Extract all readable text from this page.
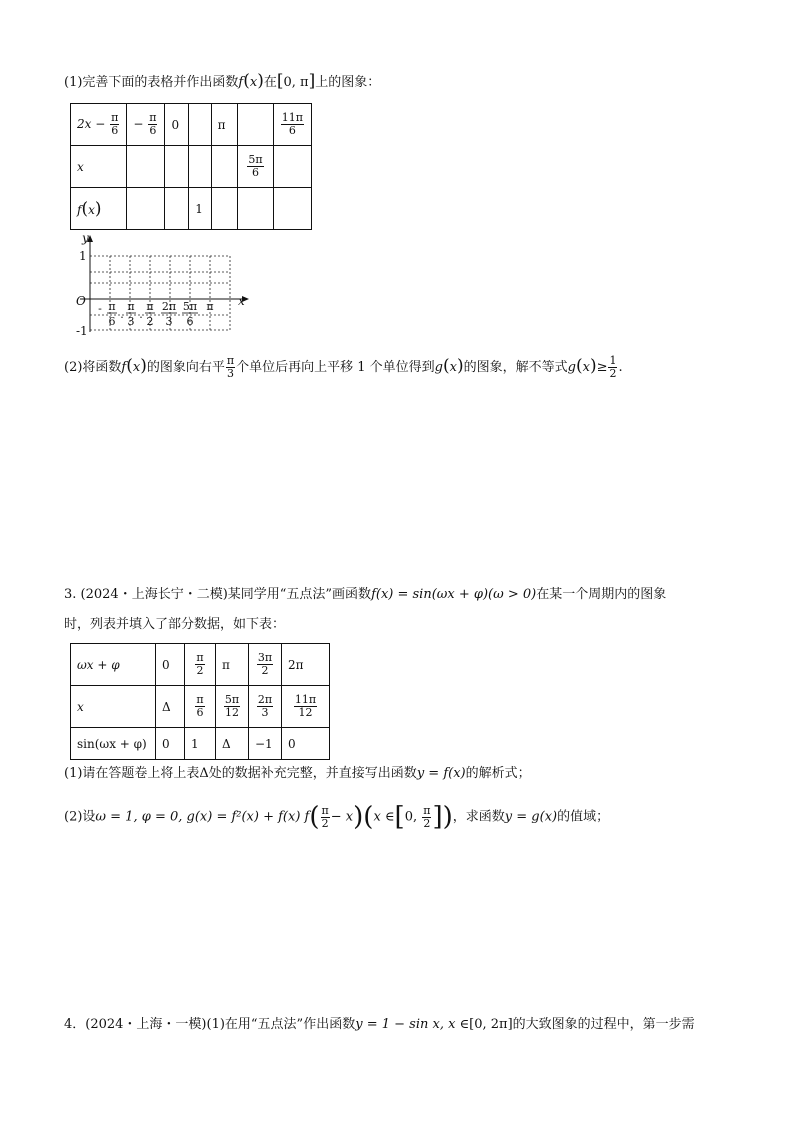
(1)完善下面的表格并作出函数f(x)在[0, π]上的图象：
$2x - \frac{\pi}{6}$	− $\frac{\pi}{6}$	0		π		$\frac{11\pi}{6}$

x					$\frac{5\pi}{6}$

f(x)			1			
y
x
O
1
-1
- π
6
.
π
3
.
π
2
2π
3
5π
6
π
(2)将函数f(x)的图象向右平 $\frac{\pi}{3}$ 个单位后再向上平移 1 个单位得到g(x)的图象，解不等式$g(x)\ge \frac{1}{2}$ .
3. (2024・上海长宁・二模)某同学用“五点法”画函数f(x) = sin(ωx + φ)(ω > 0)在某一个周期内的图象
时，列表并填入了部分数据，如下表：
ωx + φ	0	$\frac{\pi}{2}$	π	$\frac{3\pi}{2}$	2π
x	Δ	$\frac{\pi}{6}$	$\frac{5\pi}{12}$	$\frac{2\pi}{3}$	$\frac{11\pi}{12}$

sin(ωx + φ)	0	1	Δ	−1	0
(1)请在答题卷上将上表Δ处的数据补充完整，并直接写出函数y = f(x)的解析式；
(2)设ω = 1, φ = 0, g(x) = f²(x) + f(x) $f( \frac{\pi}{2} - x)(x$ ∈[0, $\frac{\pi}{2}$ ])，求函数y = g(x)的值域；
4．(2024・上海・一模)(1)在用“五点法”作出函数y = 1 − sin x, x ∈[0, 2π]的大致图象的过程中，第一步需
